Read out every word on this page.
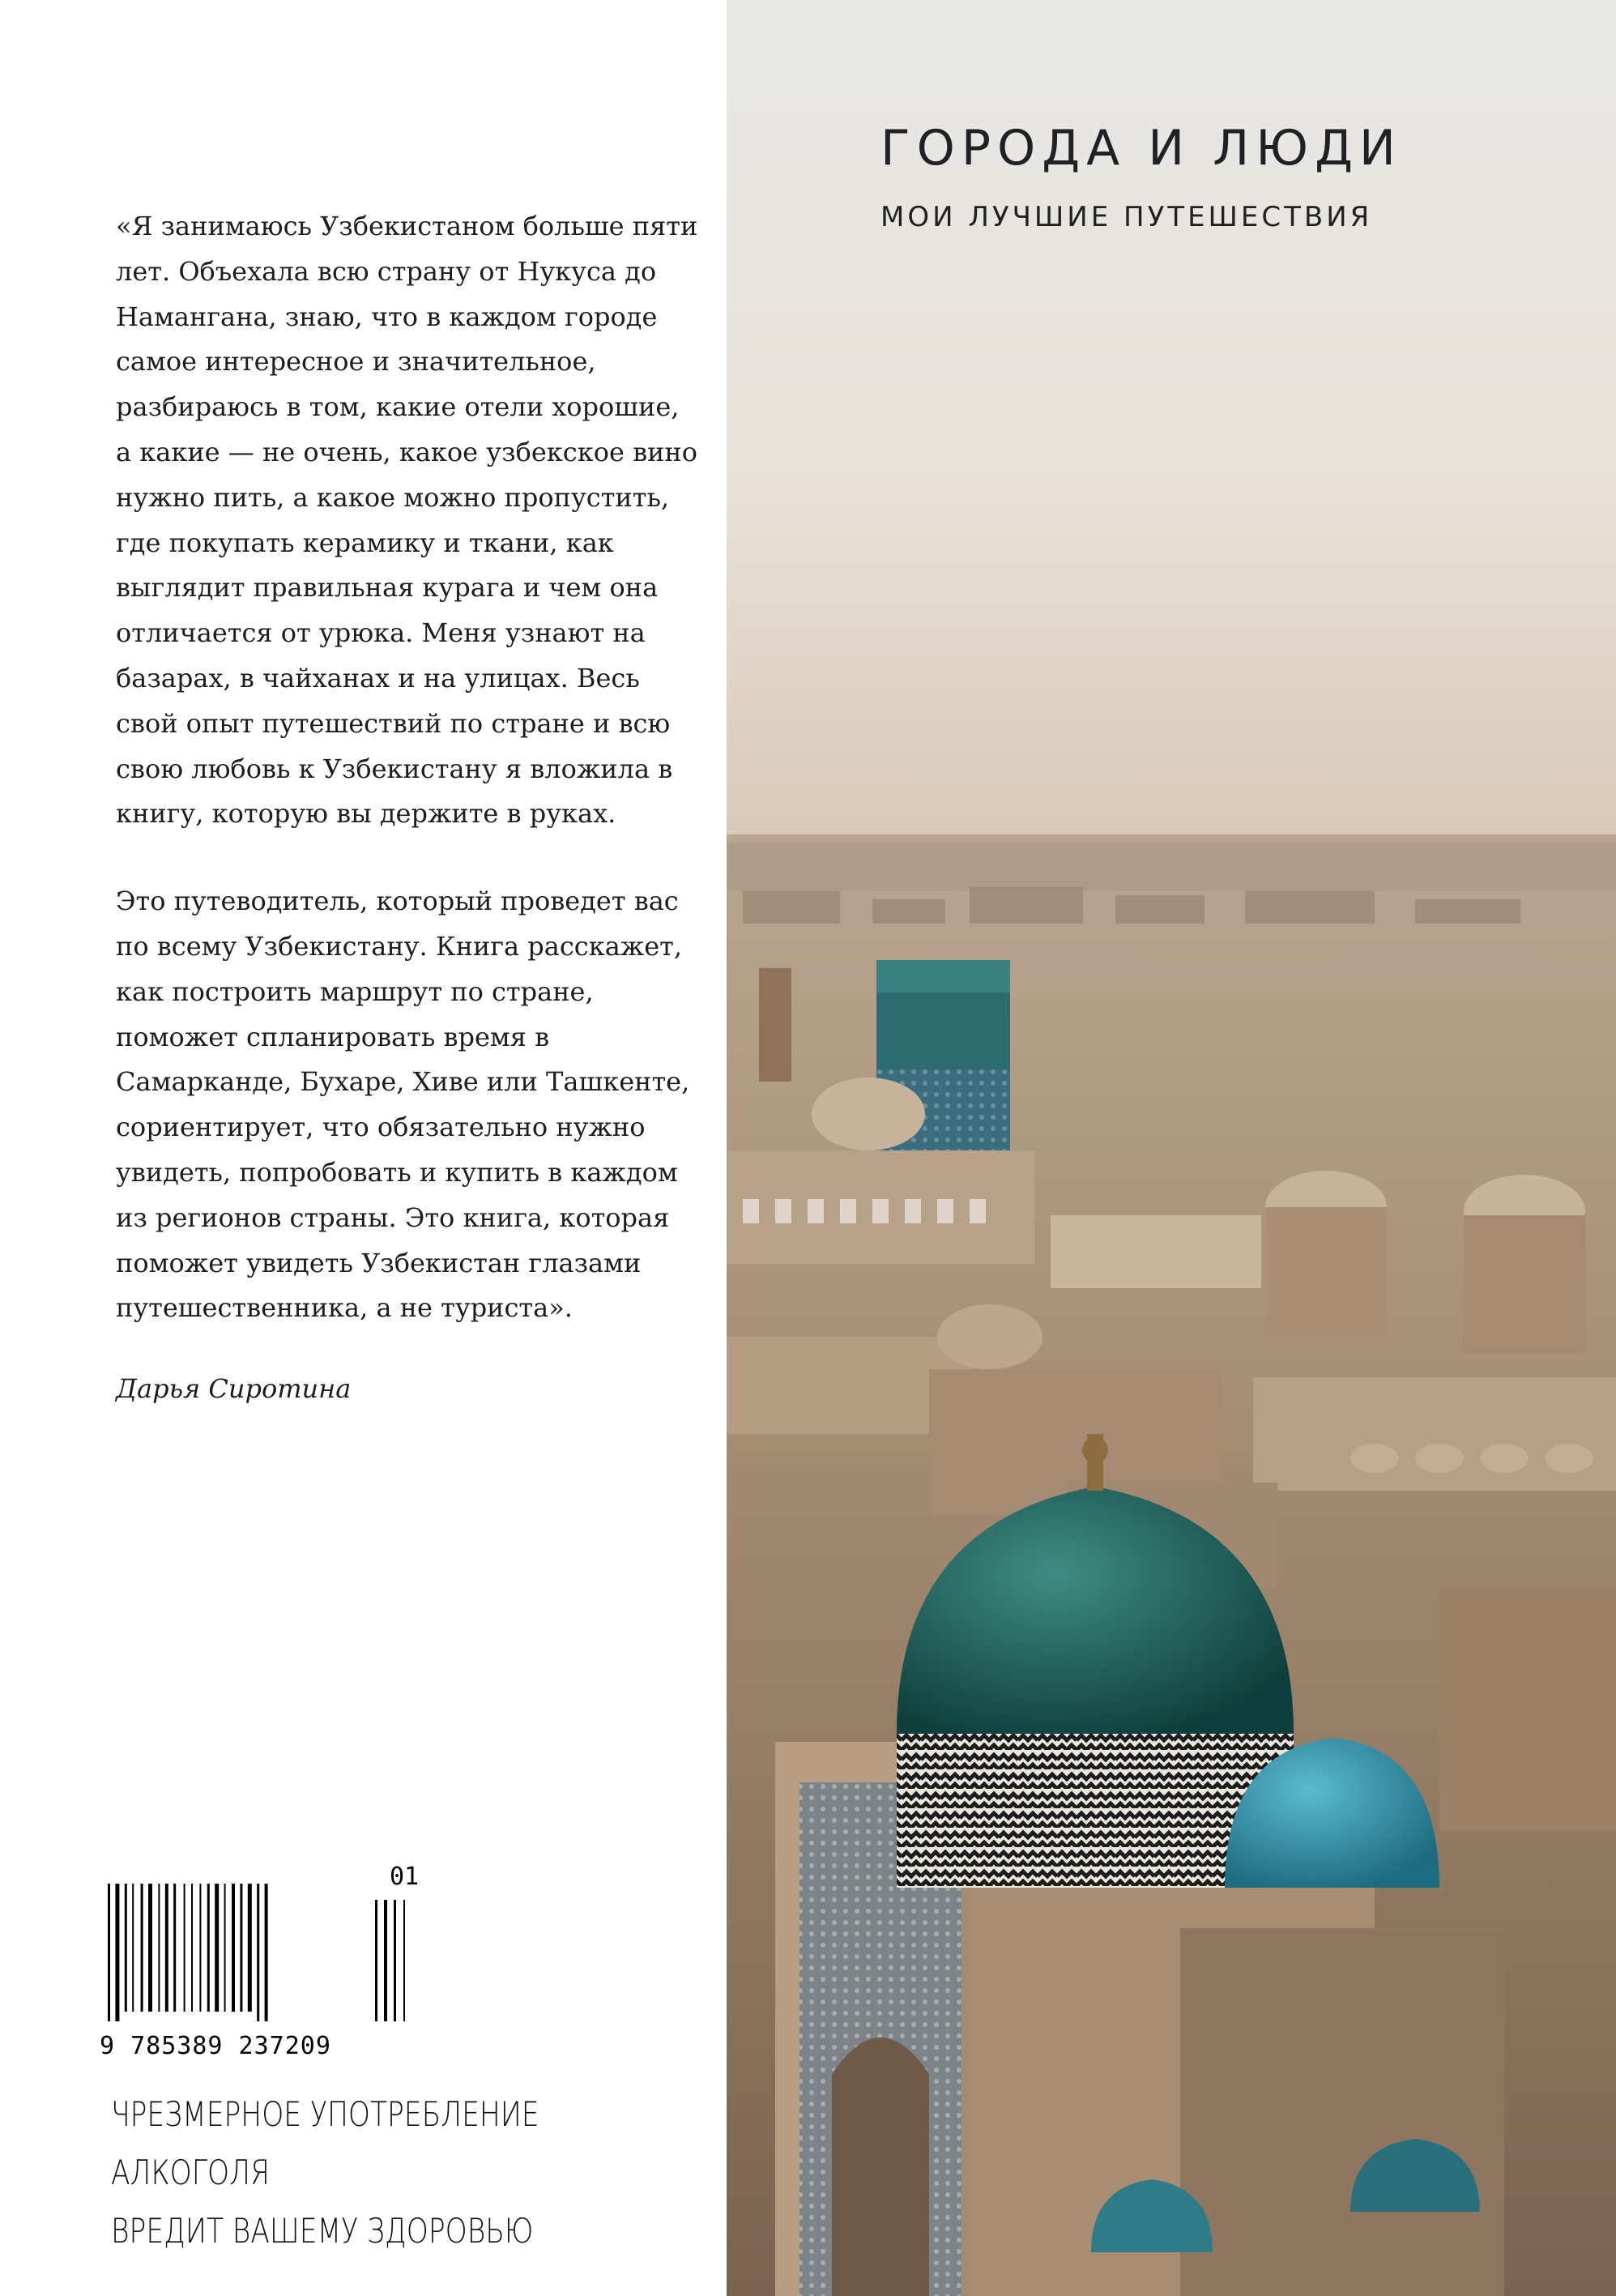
«Я занимаюсь Узбекистаном больше пяти лет. Объехала всю страну от Нукуса до Намангана, знаю, что в каждом городе самое интересное и значительное, разбираюсь в том, какие отели хорошие, а какие — не очень, какое узбекское вино нужно пить, а какое можно пропустить, где покупать керамику и ткани, как выглядит правильная курага и чем она отличается от урюка. Меня узнают на базарах, в чайханах и на улицах. Весь свой опыт путешествий по стране и всю свою любовь к Узбекистану я вложила в книгу, которую вы держите в руках.

Это путеводитель, который проведет вас по всему Узбекистану. Книга расскажет, как построить маршрут по стране, поможет спланировать время в Самарканде, Бухаре, Хиве или Ташкенте, сориентирует, что обязательно нужно увидеть, попробовать и купить в каждом из регионов страны. Это книга, которая поможет увидеть Узбекистан глазами путешественника, а не туриста».

Дарья Сиротина
9 785389 237209
01
ЧРЕЗМЕРНОЕ УПОТРЕБЛЕНИЕ АЛКОГОЛЯ
ВРЕДИТ ВАШЕМУ ЗДОРОВЬЮ
ГОРОДА И ЛЮДИ
МОИ ЛУЧШИЕ ПУТЕШЕСТВИЯ
